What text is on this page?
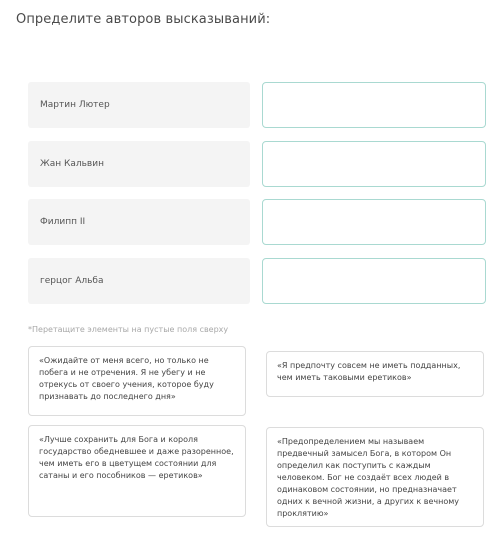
Определите авторов высказываний:
Мартин Лютер
Жан Кальвин
Филипп II
герцог Альба
*Перетащите элементы на пустые поля сверху
«Ожидайте от меня всего, но только не побега и не отречения. Я не убегу и не отрекусь от своего учения, которое буду признавать до последнего дня»
«Я предпочту совсем не иметь подданных, чем иметь таковыми еретиков»
«Лучше сохранить для Бога и короля государство обедневшее и даже разоренное, чем иметь его в цветущем состоянии для сатаны и его пособников — еретиков»
«Предопределением мы называем предвечный замысел Бога, в котором Он определил как поступить с каждым человеком. Бог не создаёт всех людей в одинаковом состоянии, но предназначает одних к вечной жизни, а других к вечному проклятию»
